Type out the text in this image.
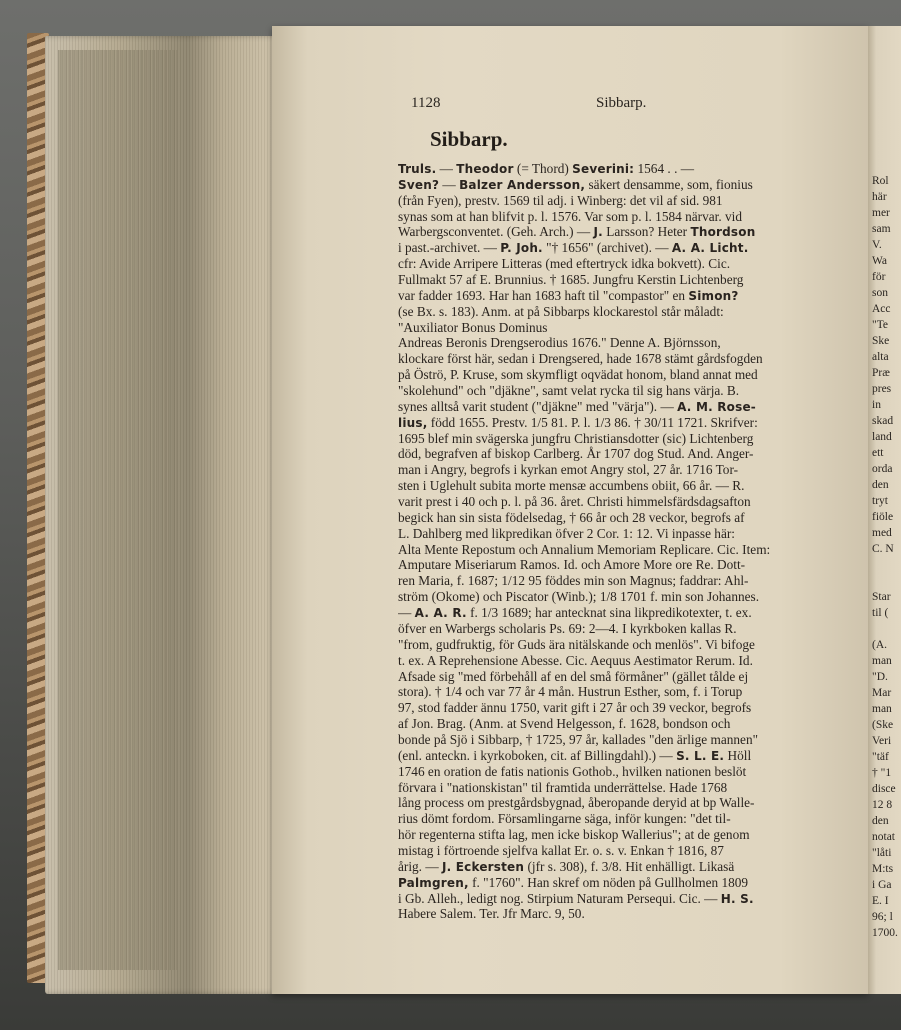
Rol
här
mer
sam
V.
Wa
för
son
Acc
"Te
Ske
alta
Præ
pres
in
skad
land
ett
orda
den
tryt
fiöle
med
C. N
Star
til (
(A.
man
"D.
Mar
man
(Ske
Veri
"täf
† "1
disce
12 8
den
notat
"låti
M:ts
i Ga
E. I
96; l
1700.
1128	Sibbarp.
Sibbarp.
Truls. — Theodor (= Thord) Severini: 1564 . . —
Sven? — Balzer Andersson, säkert densamme, som, fionius
(från Fyen), prestv. 1569 til adj. i Winberg: det vil af sid. 981
synas som at han blifvit p. l. 1576. Var som p. l. 1584 närvar. vid
Warbergsconventet. (Geh. Arch.) — J. Larsson? Heter Thordson
i past.-archivet. — P. Joh. "† 1656" (archivet). — A. A. Licht.
cfr: Avide Arripere Litteras (med eftertryck idka bokvett). Cic.
Fullmakt 57 af E. Brunnius. † 1685. Jungfru Kerstin Lichtenberg
var fadder 1693. Har han 1683 haft til "compastor" en Simon?
(se Bx. s. 183). Anm. at på Sibbarps klockarestol står måladt:
"Auxiliator Bonus Dominus
Andreas Beronis Drengserodius 1676." Denne A. Björnsson,
klockare först här, sedan i Drengsered, hade 1678 stämt gårdsfogden
på Öströ, P. Kruse, som skymfligt oqvädat honom, bland annat med
"skolehund" och "djäkne", samt velat rycka til sig hans värja. B.
synes alltså varit student ("djäkne" med "värja"). — A. M. Rose-
lius, född 1655. Prestv. 1/5 81. P. l. 1/3 86. † 30/11 1721. Skrifver:
1695 blef min svägerska jungfru Christiansdotter (sic) Lichtenberg
död, begrafven af biskop Carlberg. År 1707 dog Stud. And. Anger-
man i Angry, begrofs i kyrkan emot Angry stol, 27 år. 1716 Tor-
sten i Uglehult subita morte mensæ accumbens obiit, 66 år. — R.
varit prest i 40 och p. l. på 36. året. Christi himmelsfärdsdagsafton
begick han sin sista födelsedag, † 66 år och 28 veckor, begrofs af
L. Dahlberg med likpredikan öfver 2 Cor. 1: 12. Vi inpasse här:
Alta Mente Repostum och Annalium Memoriam Replicare. Cic. Item:
Amputare Miseriarum Ramos. Id. och Amore More ore Re. Dott-
ren Maria, f. 1687; 1/12 95 föddes min son Magnus; faddrar: Ahl-
ström (Okome) och Piscator (Winb.); 1/8 1701 f. min son Johannes.
— A. A. R. f. 1/3 1689; har antecknat sina likpredikotexter, t. ex.
öfver en Warbergs scholaris Ps. 69: 2—4. I kyrkboken kallas R.
"from, gudfruktig, för Guds ära nitälskande och menlös". Vi bifoge
t. ex. A Reprehensione Abesse. Cic. Aequus Aestimator Rerum. Id.
Afsade sig "med förbehåll af en del små förmåner" (gället tålde ej
stora). † 1/4 och var 77 år 4 mån. Hustrun Esther, som, f. i Torup
97, stod fadder ännu 1750, varit gift i 27 år och 39 veckor, begrofs
af Jon. Brag. (Anm. at Svend Helgesson, f. 1628, bondson och
bonde på Sjö i Sibbarp, † 1725, 97 år, kallades "den ärlige mannen"
(enl. anteckn. i kyrkoboken, cit. af Billingdahl).) — S. L. E. Höll
1746 en oration de fatis nationis Gothob., hvilken nationen beslöt
förvara i "nationskistan" til framtida underrättelse. Hade 1768
lång process om prestgårdsbygnad, åberopande deryid at bp Walle-
rius dömt fordom. Församlingarne säga, inför kungen: "det til-
hör regenterna stifta lag, men icke biskop Wallerius"; at de genom
mistag i förtroende sjelfva kallat Er. o. s. v. Enkan † 1816, 87
årig. — J. Eckersten (jfr s. 308), f. 3/8. Hit enhälligt. Likasä
Palmgren, f. "1760". Han skref om nöden på Gullholmen 1809
i Gb. Alleh., ledigt nog. Stirpium Naturam Persequi. Cic. — H. S.
Habere Salem. Ter. Jfr Marc. 9, 50.
